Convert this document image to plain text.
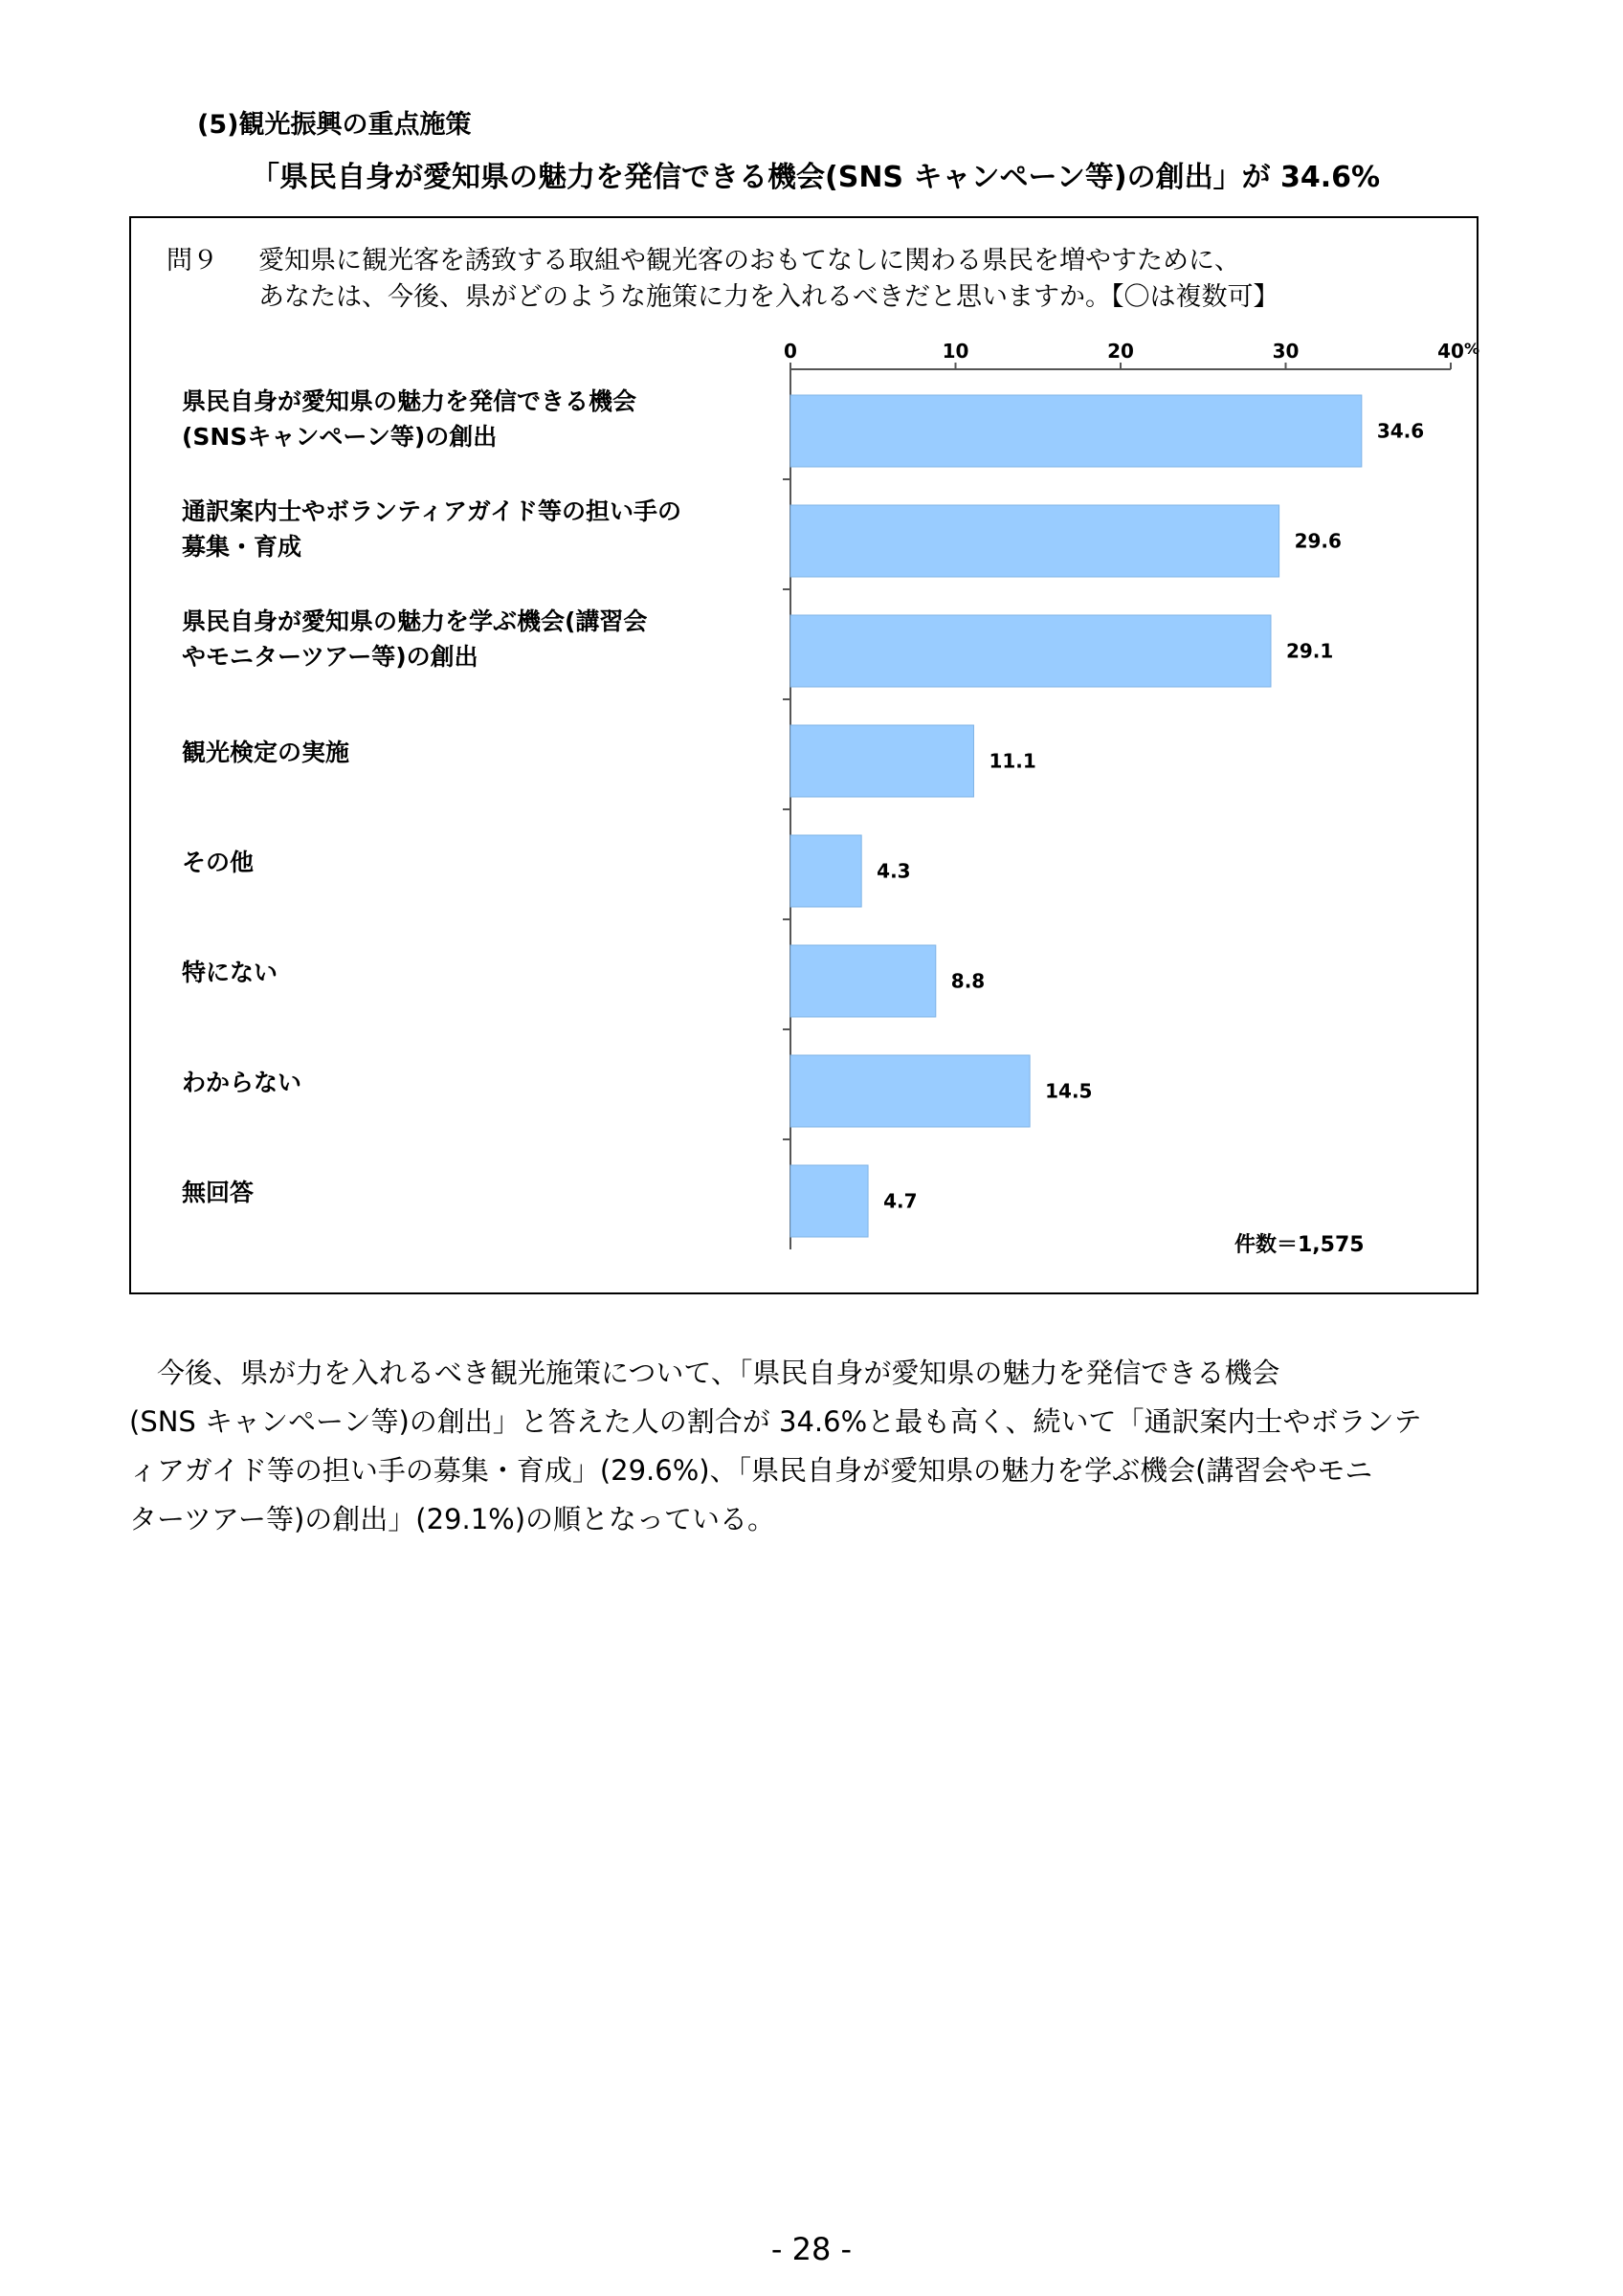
(5)観光振興の重点施策
「県民自身が愛知県の魅力を発信できる機会(SNS キャンペーン等)の創出」が 34.6%
問９ 愛知県に観光客を誘致する取組や観光客のおもてなしに関わる県民を増やすために、
あなたは、今後、県がどのような施策に力を入れるべきだと思いますか。【〇は複数可】
県民自身が愛知県の魅力を発信できる機会
(SNSキャンペーン等)の創出
通訳案内士やボランティアガイド等の担い手の
募集・育成
県民自身が愛知県の魅力を学ぶ機会(講習会
やモニターツアー等)の創出
観光検定の実施
その他
特にない
わからない
無回答
0	10	20	30	40 %
34.6
29.6
29.1
11.1
4.3
8.8
14.5
4.7
件数＝1,575

　今後、県が力を入れるべき観光施策について、「県民自身が愛知県の魅力を発信できる機会

(SNS キャンペーン等)の創出」と答えた人の割合が 34.6%と最も高く、続いて「通訳案内士やボランテ

ィアガイド等の担い手の募集・育成」(29.6%)、「県民自身が愛知県の魅力を学ぶ機会(講習会やモニ

ターツアー等)の創出」(29.1%)の順となっている。

- 28 -
